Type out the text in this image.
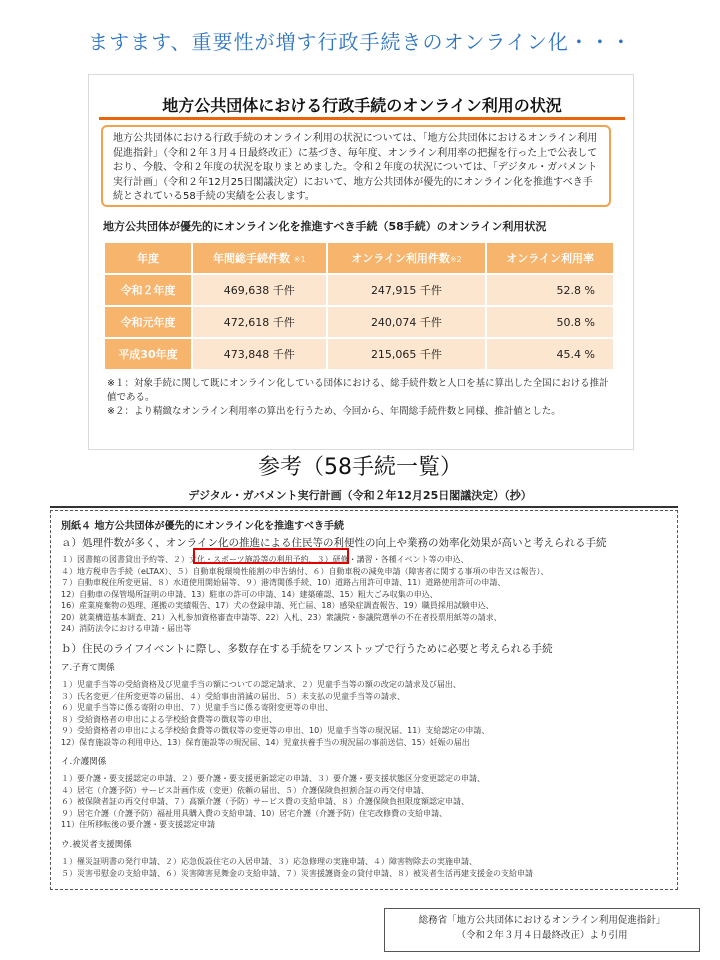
ますます、重要性が増す行政手続きのオンライン化・・・
地方公共団体における行政手続のオンライン利用の状況
地方公共団体における行政手続のオンライン利用の状況については、「地方公共団体におけるオンライン利用促進指針」（令和２年３月４日最終改正）に基づき、毎年度、オンライン利用率の把握を行った上で公表しており、今般、令和２年度の状況を取りまとめました。令和２年度の状況については、「デジタル・ガバメント実行計画」（令和２年12月25日閣議決定）において、地方公共団体が優先的にオンライン化を推進すべき手続とされている58手続の実績を公表します。
地方公共団体が優先的にオンライン化を推進すべき手続（58手続）のオンライン利用状況
年度	年間総手続件数 ※1	オンライン利用件数※2	オンライン利用率
令和２年度	469,638 千件	247,915 千件	52.8 %
令和元年度	472,618 千件	240,074 千件	50.8 %
平成30年度	473,848 千件	215,065 千件	45.4 %

※１：対象手続に関して既にオンライン化している団体における、総手続件数と人口を基に算出した全国における推計値である。

※２：より精緻なオンライン利用率の算出を行うため、今回から、年間総手続件数と同様、推計値とした。

参考（58手続一覧）
デジタル・ガバメント実行計画（令和２年12月25日閣議決定）（抄）
別紙４ 地方公共団体が優先的にオンライン化を推進すべき手続
ａ）処理件数が多く、オンライン化の推進による住民等の利便性の向上や業務の効率化効果が高いと考えられる手続

１）図書館の図書貸出予約等、２）文化・スポーツ施設等の利用予約、３）研修・講習・各種イベント等の申込、

４）地方税申告手続（eLTAX）、５）自動車税環境性能割の申告納付、６）自動車税の減免申請（障害者に関する事項の申告又は報告）、

７）自動車税住所変更届、８）水道使用開始届等、９）港湾関係手続、10）道路占用許可申請、11）道路使用許可の申請、

12）自動車の保管場所証明の申請、13）駐車の許可の申請、14）建築確認、15）粗大ごみ収集の申込、

16）産業廃棄物の処理、運搬の実績報告、17）犬の登録申請、死亡届、18）感染症調査報告、19）職員採用試験申込、

20）就業構造基本調査、21）入札参加資格審査申請等、22）入札、23）衆議院・参議院選挙の不在者投票用紙等の請求、

24）消防法令における申請・届出等

ｂ）住民のライフイベントに際し、多数存在する手続をワンストップで行うために必要と考えられる手続
ア.子育て関係

１）児童手当等の受給資格及び児童手当の額についての認定請求、２）児童手当等の額の改定の請求及び届出、

３）氏名変更／住所変更等の届出、４）受給事由消滅の届出、５）未支払の児童手当等の請求、

６）児童手当等に係る寄附の申出、７）児童手当に係る寄附変更等の申出、

８）受給資格者の申出による学校給食費等の徴収等の申出、

９）受給資格者の申出による学校給食費等の徴収等の変更等の申出、10）児童手当等の現況届、11）支給認定の申請、

12）保育施設等の利用申込、13）保育施設等の現況届、14）児童扶養手当の現況届の事前送信、15）妊娠の届出

イ.介護関係

１）要介護・要支援認定の申請、２）要介護・要支援更新認定の申請、３）要介護・要支援状態区分変更認定の申請、

４）居宅（介護予防）サービス計画作成（変更）依頼の届出、５）介護保険負担割合証の再交付申請、

６）被保険者証の再交付申請、７）高額介護（予防）サービス費の支給申請、８）介護保険負担限度額認定申請、

９）居宅介護（介護予防）福祉用具購入費の支給申請、10）居宅介護（介護予防）住宅改修費の支給申請、

11）住所移転後の要介護・要支援認定申請

ウ.被災者支援関係

１）罹災証明書の発行申請、２）応急仮設住宅の入居申請、３）応急修理の実施申請、４）障害物除去の実施申請、

５）災害弔慰金の支給申請、６）災害障害見舞金の支給申請、７）災害援護資金の貸付申請、８）被災者生活再建支援金の支給申請

総務省「地方公共団体におけるオンライン利用促進指針」

（令和２年３月４日最終改正）より引用
